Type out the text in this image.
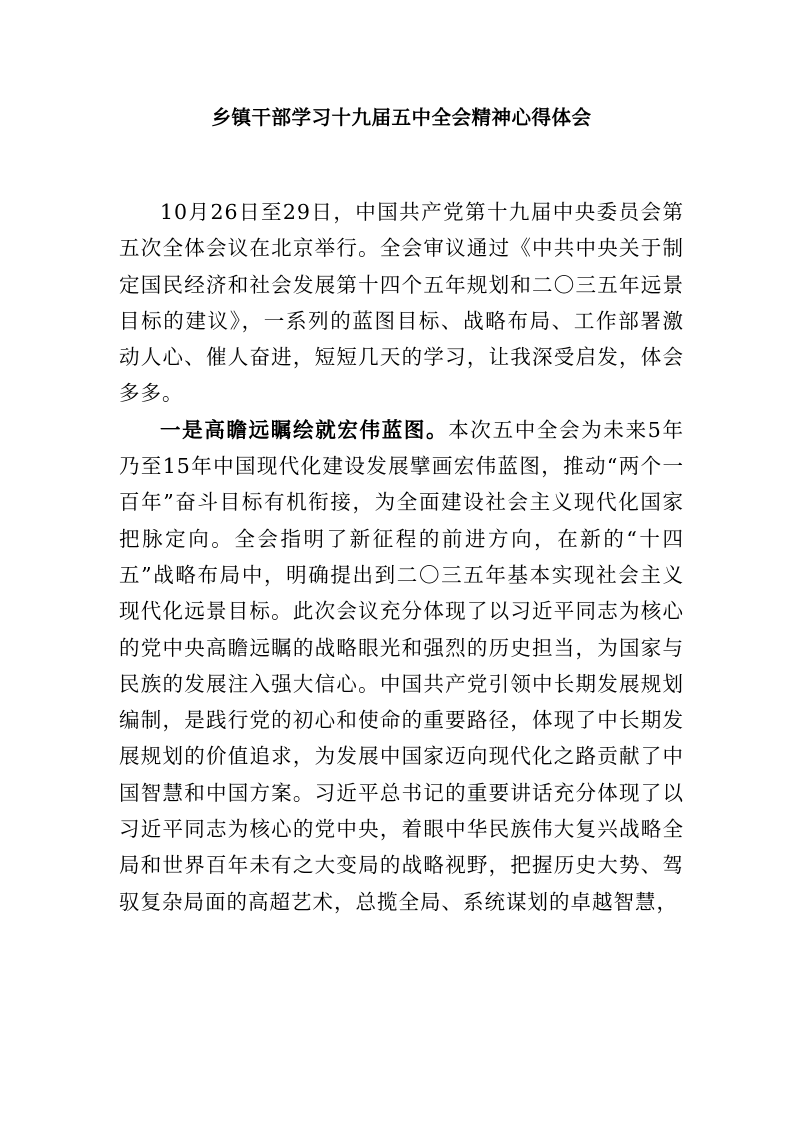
乡镇干部学习十九届五中全会精神心得体会

10月26日至29日，中国共产党第十九届中央委员会第五次全体会议在北京举行。全会审议通过《中共中央关于制定国民经济和社会发展第十四个五年规划和二〇三五年远景目标的建议》，一系列的蓝图目标、战略布局、工作部署激动人心、催人奋进，短短几天的学习，让我深受启发，体会多多。

一是高瞻远瞩绘就宏伟蓝图。本次五中全会为未来5年乃至15年中国现代化建设发展擘画宏伟蓝图，推动“两个一百年”奋斗目标有机衔接，为全面建设社会主义现代化国家把脉定向。全会指明了新征程的前进方向，在新的“十四五”战略布局中，明确提出到二〇三五年基本实现社会主义现代化远景目标。此次会议充分体现了以习近平同志为核心的党中央高瞻远瞩的战略眼光和强烈的历史担当，为国家与民族的发展注入强大信心。中国共产党引领中长期发展规划编制，是践行党的初心和使命的重要路径，体现了中长期发展规划的价值追求，为发展中国家迈向现代化之路贡献了中国智慧和中国方案。习近平总书记的重要讲话充分体现了以习近平同志为核心的党中央，着眼中华民族伟大复兴战略全局和世界百年未有之大变局的战略视野，把握历史大势、驾驭复杂局面的高超艺术，总揽全局、系统谋划的卓越智慧，
